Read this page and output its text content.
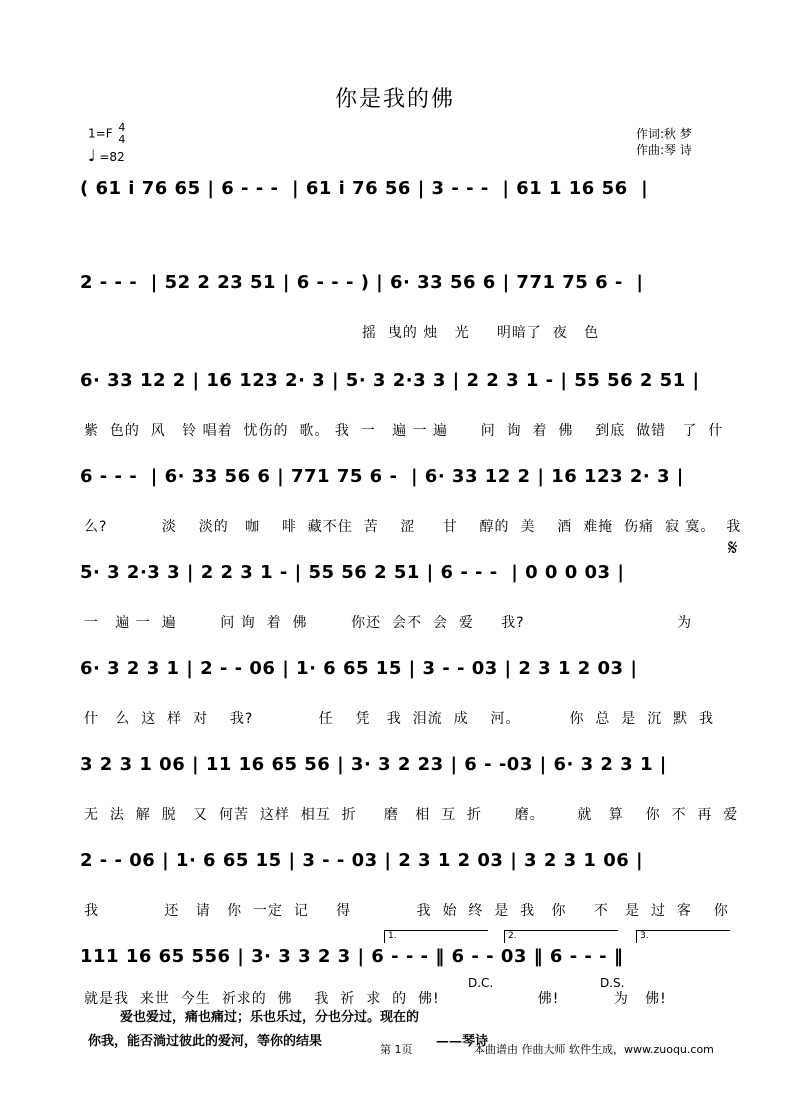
你是我的佛
1=F 4
4
♩ =82
作词:秋 梦
作曲:琴 诗
( 61 i 76 65 | 6 - - -  | 61 i 76 56 | 3 - - -  | 61 1 16 56  |
2 - - -  | 52 2 23 51 | 6 - - - ) | 6· 33 56 6 | 771 75 6 -  |
摇  曳的 烛   光     明暗了  夜   色
6· 33 12 2 | 16 123 2· 3 | 5· 3 2·3 3 | 2 2 3 1 - | 55 56 2 51 |
紫  色的  风   铃 唱着  忧伤的  歌。 我  一   遍 一 遍      问  询  着  佛    到底  做错   了  什
6 - - -  | 6· 33 56 6 | 771 75 6 -  | 6· 33 12 2 | 16 123 2· 3 |
么?          淡    淡的   咖    啡  藏不住  苦    涩     甘    醇的  美    酒  难掩  伤痛  寂 寞。  我
5· 3 2·3 3 | 2 2 3 1 - | 55 56 2 51 | 6 - - -  | 0 0 0 03 |
一   遍 一  遍        问 询  着  佛        你还  会不  会  爱     我?                            为
𝄋
6· 3 2 3 1 | 2 - - 06 | 1· 6 65 15 | 3 - - 03 | 2 3 1 2 03 |
什   么  这  样  对    我?            任    凭   我  泪流  成    河。         你  总  是  沉  默  我
3 2 3 1 06 | 11 16 65 56 | 3· 3 2 23 | 6 - -03 | 6· 3 2 3 1 |
无  法  解  脱   又  何苦  这样  相互  折     磨   相  互  折      磨。      就   算    你  不  再  爱
2 - - 06 | 1· 6 65 15 | 3 - - 03 | 2 3 1 2 03 | 3 2 3 1 06 |
我            还   请   你  一定  记     得            我  始  终  是  我   你     不   是  过  客    你
111 16 65 556 | 3· 3 3 2 3 | 6 - - - ‖ 6 - - 03 ‖ 6 - - - ‖
就是我  来世  今生  祈求的  佛    我  祈  求  的  佛!                  佛!          为   佛!
1.	2.	3.
D.C.	D.S.
爱也爱过，痛也痛过；乐也乐过，分也分过。现在的
你我，能否淌过彼此的爱河，等你的结果	——琴诗
第 1页	本曲谱由 作曲大师 软件生成，www.zuoqu.com
